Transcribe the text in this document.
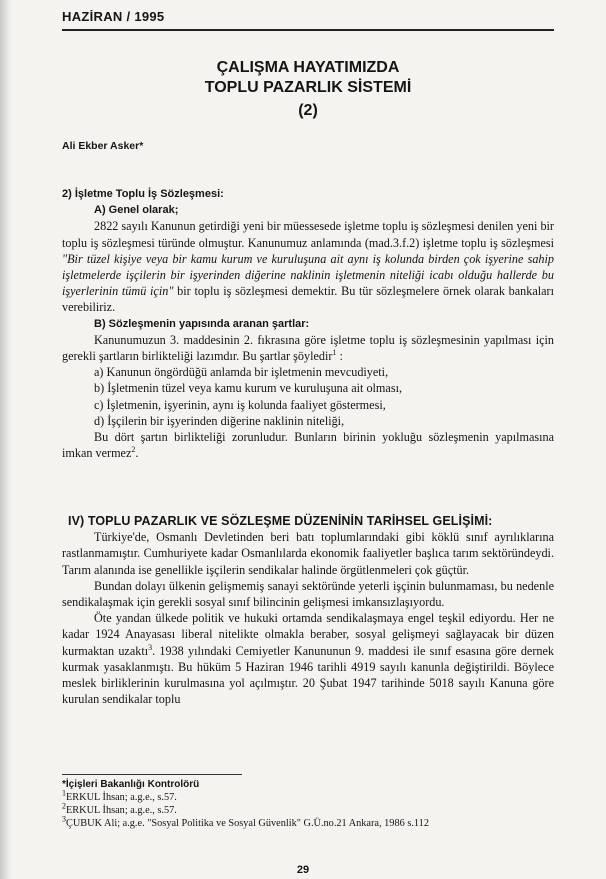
HAZİRAN / 1995
ÇALIŞMA HAYATIMIZDA
TOPLU PAZARLIK SİSTEMİ
(2)
Ali Ekber Asker*
2) İşletme Toplu İş Sözleşmesi:
A) Genel olarak;

2822 sayılı Kanunun getirdiği yeni bir müessesede işletme toplu iş sözleşmesi denilen yeni bir toplu iş sözleşmesi türünde olmuştur. Kanunumuz anlamında (mad.3.f.2) işletme toplu iş sözleşmesi "Bir tüzel kişiye veya bir kamu kurum ve kuruluşuna ait aynı iş kolunda birden çok işyerine sahip işletmelerde işçilerin bir işyerinden diğerine naklinin işletmenin niteliği icabı olduğu hallerde bu işyerlerinin tümü için" bir toplu iş sözleşmesi demektir. Bu tür sözleşmelere örnek olarak bankaları verebiliriz.

B) Sözleşmenin yapısında aranan şartlar:

Kanunumuzun 3. maddesinin 2. fıkrasına göre işletme toplu iş sözleşmesinin yapılması için gerekli şartların birlikteliği lazımdır. Bu şartlar şöyledir$^1$ :

a) Kanunun öngördüğü anlamda bir işletmenin mevcudiyeti,
b) İşletmenin tüzel veya kamu kurum ve kuruluşuna ait olması,
c) İşletmenin, işyerinin, aynı iş kolunda faaliyet göstermesi,
d) İşçilerin bir işyerinden diğerine naklinin niteliği,

Bu dört şartın birlikteliği zorunludur. Bunların birinin yokluğu sözleşmenin yapılmasına imkan vermez$^2$.

IV) TOPLU PAZARLIK VE SÖZLEŞME DÜZENİNİN TARİHSEL GELİŞİMİ:

Türkiye'de, Osmanlı Devletinden beri batı toplumlarındaki gibi köklü sınıf ayrılıklarına rastlanmamıştır. Cumhuriyete kadar Osmanlılarda ekonomik faaliyetler başlıca tarım sektöründeydi. Tarım alanında ise genellikle işçilerin sendikalar halinde örgütlenmeleri çok güçtür.

Bundan dolayı ülkenin gelişmemiş sanayi sektöründe yeterli işçinin bulunmaması, bu nedenle sendikalaşmak için gerekli sosyal sınıf bilincinin gelişmesi imkansızlaşıyordu.

Öte yandan ülkede politik ve hukuki ortamda sendikalaşmaya engel teşkil ediyordu. Her ne kadar 1924 Anayasası liberal nitelikte olmakla beraber, sosyal gelişmeyi sağlayacak bir düzen kurmaktan uzaktı$^3$. 1938 yılındaki Cemiyetler Kanununun 9. maddesi ile sınıf esasına göre dernek kurmak yasaklanmıştı. Bu hüküm 5 Haziran 1946 tarihli 4919 sayılı kanunla değiştirildi. Böylece meslek birliklerinin kurulmasına yol açılmıştır. 20 Şubat 1947 tarihinde 5018 sayılı Kanuna göre kurulan sendikalar toplu

*İçişleri Bakanlığı Kontrolörü
$^1$ERKUL İhsan; a.g.e., s.57.
$^2$ERKUL İhsan; a.g.e., s.57.
$^3$ÇUBUK Ali; a.g.e. "Sosyal Politika ve Sosyal Güvenlik" G.Ü.no.21 Ankara, 1986 s.112
29
